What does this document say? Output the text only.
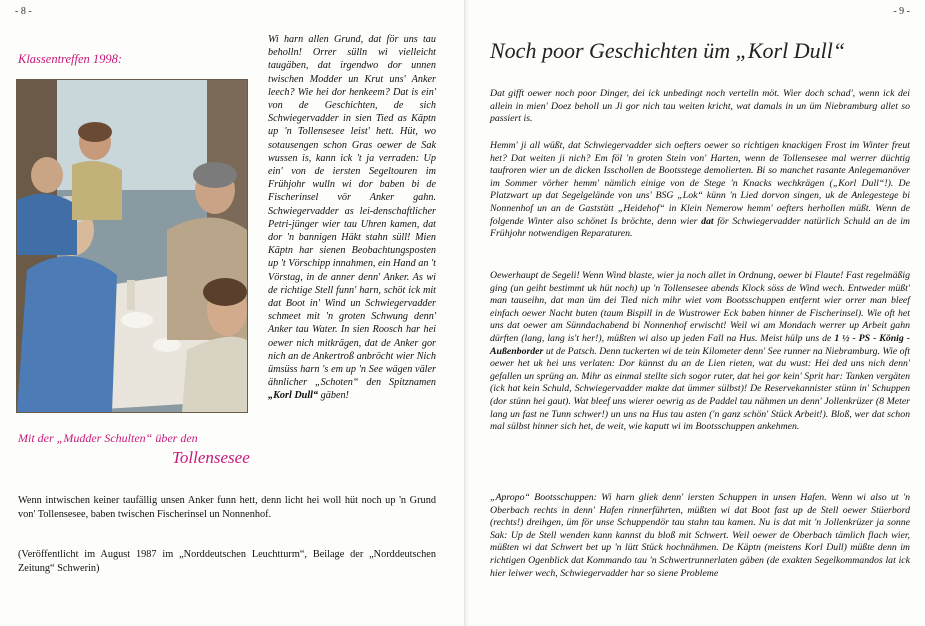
- 8 -
Klassentreffen 1998:
Mit der „Mudder Schulten“ über den
Tollensesee
Wi harn allen Grund, dat för uns tau beholln! Orrer sülln wi vielleicht taugäben, dat irgendwo dor unnen twischen Modder un Krut uns' Anker leech? Wie hei dor henkeem? Dat is ein' von de Geschichten, de sich Schwiegervadder in sien Tied as Käptn up 'n Tollensesee leist' hett. Hüt, wo sotausengen schon Gras oewer de Sak wussen is, kann ick 't ja verraden: Up ein' von de iersten Segeltouren im Frühjohr wulln wi dor baben bi de Fischerinsel vör Anker gahn. Schwiegervadder as lei-denschaftlicher Petri-jünger wier tau Uhren kamen, dat dor 'n bannigen Häkt stahn süll! Mien Käptn har sienen Beobachtungsposten up 't Vörschipp innahmen, ein Hand an 't Vörstag, in de anner denn' Anker. As wi de richtige Stell funn' harn, schöt ick mit dat Boot in' Wind un Schwiegervadder schmeet mit 'n groten Schwung denn' Anker tau Water. In sien Roosch har hei oewer nich mitkrägen, dat de Anker gor nich an de Ankertroß anbröcht wier Nich ümsüss harn 's em up 'n See wägen väler ähnlicher „Schoten“ den Spitznamen „Korl Dull“ gäben!
Wenn intwischen keiner taufällig unsen Anker funn hett, denn licht hei woll hüt noch up 'n Grund von' Tollensesee, baben twischen Fischerinsel un Nonnenhof.
(Veröffentlicht im August 1987 im „Norddeutschen Leuchtturm“, Beilage der „Norddeutschen Zeitung“ Schwerin)
- 9 -
Noch poor Geschichten üm „Korl Dull“

Dat gifft oewer noch poor Dinger, dei ick unbedingt noch vertelln möt. Wier doch schad', wenn ick dei allein in mien' Doez beholl un Ji gor nich tau weiten kricht, wat damals in un üm Niebramburg allet so passiert is.

Hemm' ji all wüßt, dat Schwiegervadder sich oefters oewer so richtigen knackigen Frost im Winter freut het? Dat weiten ji nich? Em föl 'n groten Stein von' Harten, wenn de Tollensesee mal werrer düchtig taufroren wier un de dicken Isschollen de Bootsstege demolierten. Bi so manchet rasante Anlegemanöver im Sommer vörher hemm' nämlich einige von de Stege 'n Knacks wechkrägen („Korl Dull“!). De Platzwart up dat Segelgelände von uns' BSG „Lok“ künn 'n Lied dorvon singen, uk de Anlegestege bi Nonnenhof un an de Gaststätt „Heidehof“ in Klein Nemerow hemm' oefters herhollen müßt. Wenn de folgende Winter also schönet Is bröchte, denn wier dat för Schwiegervadder natürlich Schuld an de im Frühjohr notwendigen Reparaturen.

Oewerhaupt de Segeli! Wenn Wind blaste, wier ja noch allet in Ordnung, oewer bi Flaute! Fast regelmäßig ging (un geiht bestimmt uk hüt noch) up 'n Tollensesee abends Klock söss de Wind wech. Entweder müßt' man tauseihn, dat man üm dei Tied nich mihr wiet vom Bootsschuppen entfernt wier orrer man bleef einfach oewer Nacht buten (taum Bispill in de Wustrower Eck baben hinner de Fischerinsel). Wie oft het uns dat oewer am Sünndachabend bi Nonnenhof erwischt! Weil wi am Mondach werrer up Arbeit gahn dürften (lang, lang is't her!), müßten wi also up jeden Fall na Hus. Meist hülp uns de 1 ½ - PS - König - Außenborder ut de Patsch. Denn tuckerten wi de tein Kilometer denn' See runner na Niebramburg. Wie oft oewer het uk hei uns verlaten: Dor künnst du an de Lien rieten, wat du wust: Hei ded uns nich denn' gefallen un sprüng an. Mihr as einmal stellte sich sogor ruter, dat hei gor kein' Sprit har: Tanken vergäten (ick hat kein Schuld, Schwiegervadder makte dat ümmer sülbst)! De Reservekannister stünn in' Schuppen (dor stünn hei gaut). Wat bleef uns wierer oewrig as de Paddel tau nähmen un denn' Jollenkrüzer (8 Meter lang un fast ne Tunn schwer!) un uns na Hus tau asten ('n ganz schön' Stück Arbeit!). Bloß, wer dat schon mal sülbst hinner sich het, de weit, wie kaputt wi im Bootsschuppen ankehmen.

„Apropo“ Bootsschuppen: Wi harn gliek denn' iersten Schuppen in unsen Hafen. Wenn wi also ut 'n Oberbach rechts in denn' Hafen rinnerführten, müßten wi dat Boot fast up de Stell oewer Stüerbord (rechts!) dreihgen, üm för unse Schuppendör tau stahn tau kamen. Nu is dat mit 'n Jollenkrüzer ja sonne Sak: Up de Stell wenden kann kannst du bloß mit Schwert. Weil oewer de Oberbach tämlich flach wier, müßten wi dat Schwert bet up 'n lütt Stück hochnähmen. De Käptn (meistens Korl Dull) müßte denn im richtigen Ogenblick dat Kommando tau 'n Schwertrunnerlaten gäben (de exakten Segelkommandos lat ick hier leiwer wech, Schwiegervadder har so siene Probleme
